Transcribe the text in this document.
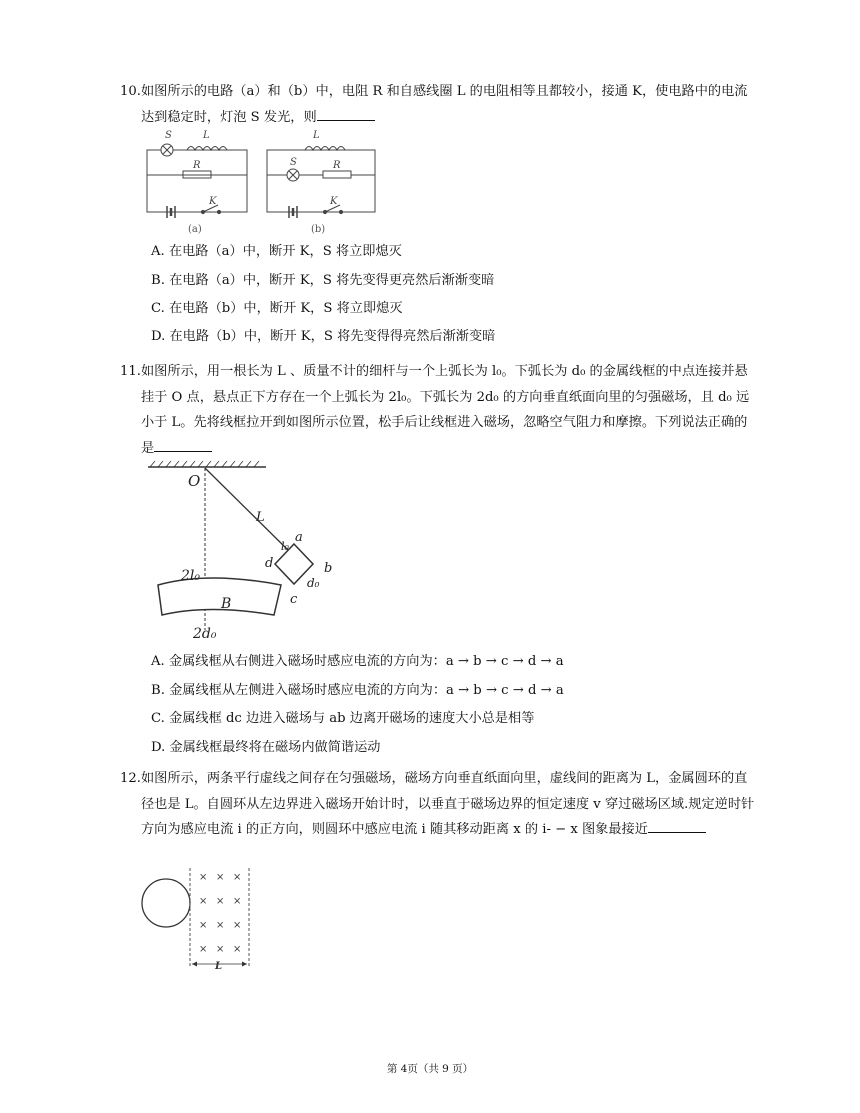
10. 如图所示的电路（a）和（b）中，电阻 R 和自感线圈 L 的电阻相等且都较小，接通 K，使电路中的电流达到稳定时，灯泡 S 发光，则
S	L
R
K
L
S	R
K
(a)	(b)
A. 在电路（a）中，断开 K，S 将立即熄灭
B. 在电路（a）中，断开 K，S 将先变得更亮然后渐渐变暗
C. 在电路（b）中，断开 K，S 将立即熄灭
D. 在电路（b）中，断开 K，S 将先变得得亮然后渐渐变暗
11. 如图所示，用一根长为 L 、质量不计的细杆与一个上弧长为 l₀。下弧长为 d₀ 的金属线框的中点连接并悬挂于 O 点，悬点正下方存在一个上弧长为 2l₀。下弧长为 2d₀ 的方向垂直纸面向里的匀强磁场，且 d₀ 远小于 L。先将线框拉开到如图所示位置，松手后让线框进入磁场，忽略空气阻力和摩擦。下列说法正确的是
O
L
l₀
a
b
d₀
c
d
2l₀
B
2d₀
A. 金属线框从右侧进入磁场时感应电流的方向为：a → b → c → d → a
B. 金属线框从左侧进入磁场时感应电流的方向为：a → b → c → d → a
C. 金属线框 dc 边进入磁场与 ab 边离开磁场的速度大小总是相等
D. 金属线框最终将在磁场内做简谐运动
12. 如图所示，两条平行虚线之间存在匀强磁场，磁场方向垂直纸面向里，虚线间的距离为 L，金属圆环的直径也是 L。自圆环从左边界进入磁场开始计时，以垂直于磁场边界的恒定速度 v 穿过磁场区域.规定逆时针方向为感应电流 i 的正方向，则圆环中感应电流 i 随其移动距离 x 的 i- − x 图象最接近
× × ×
× × ×
× × ×
× × ×
L
第 4页（共 9 页）
